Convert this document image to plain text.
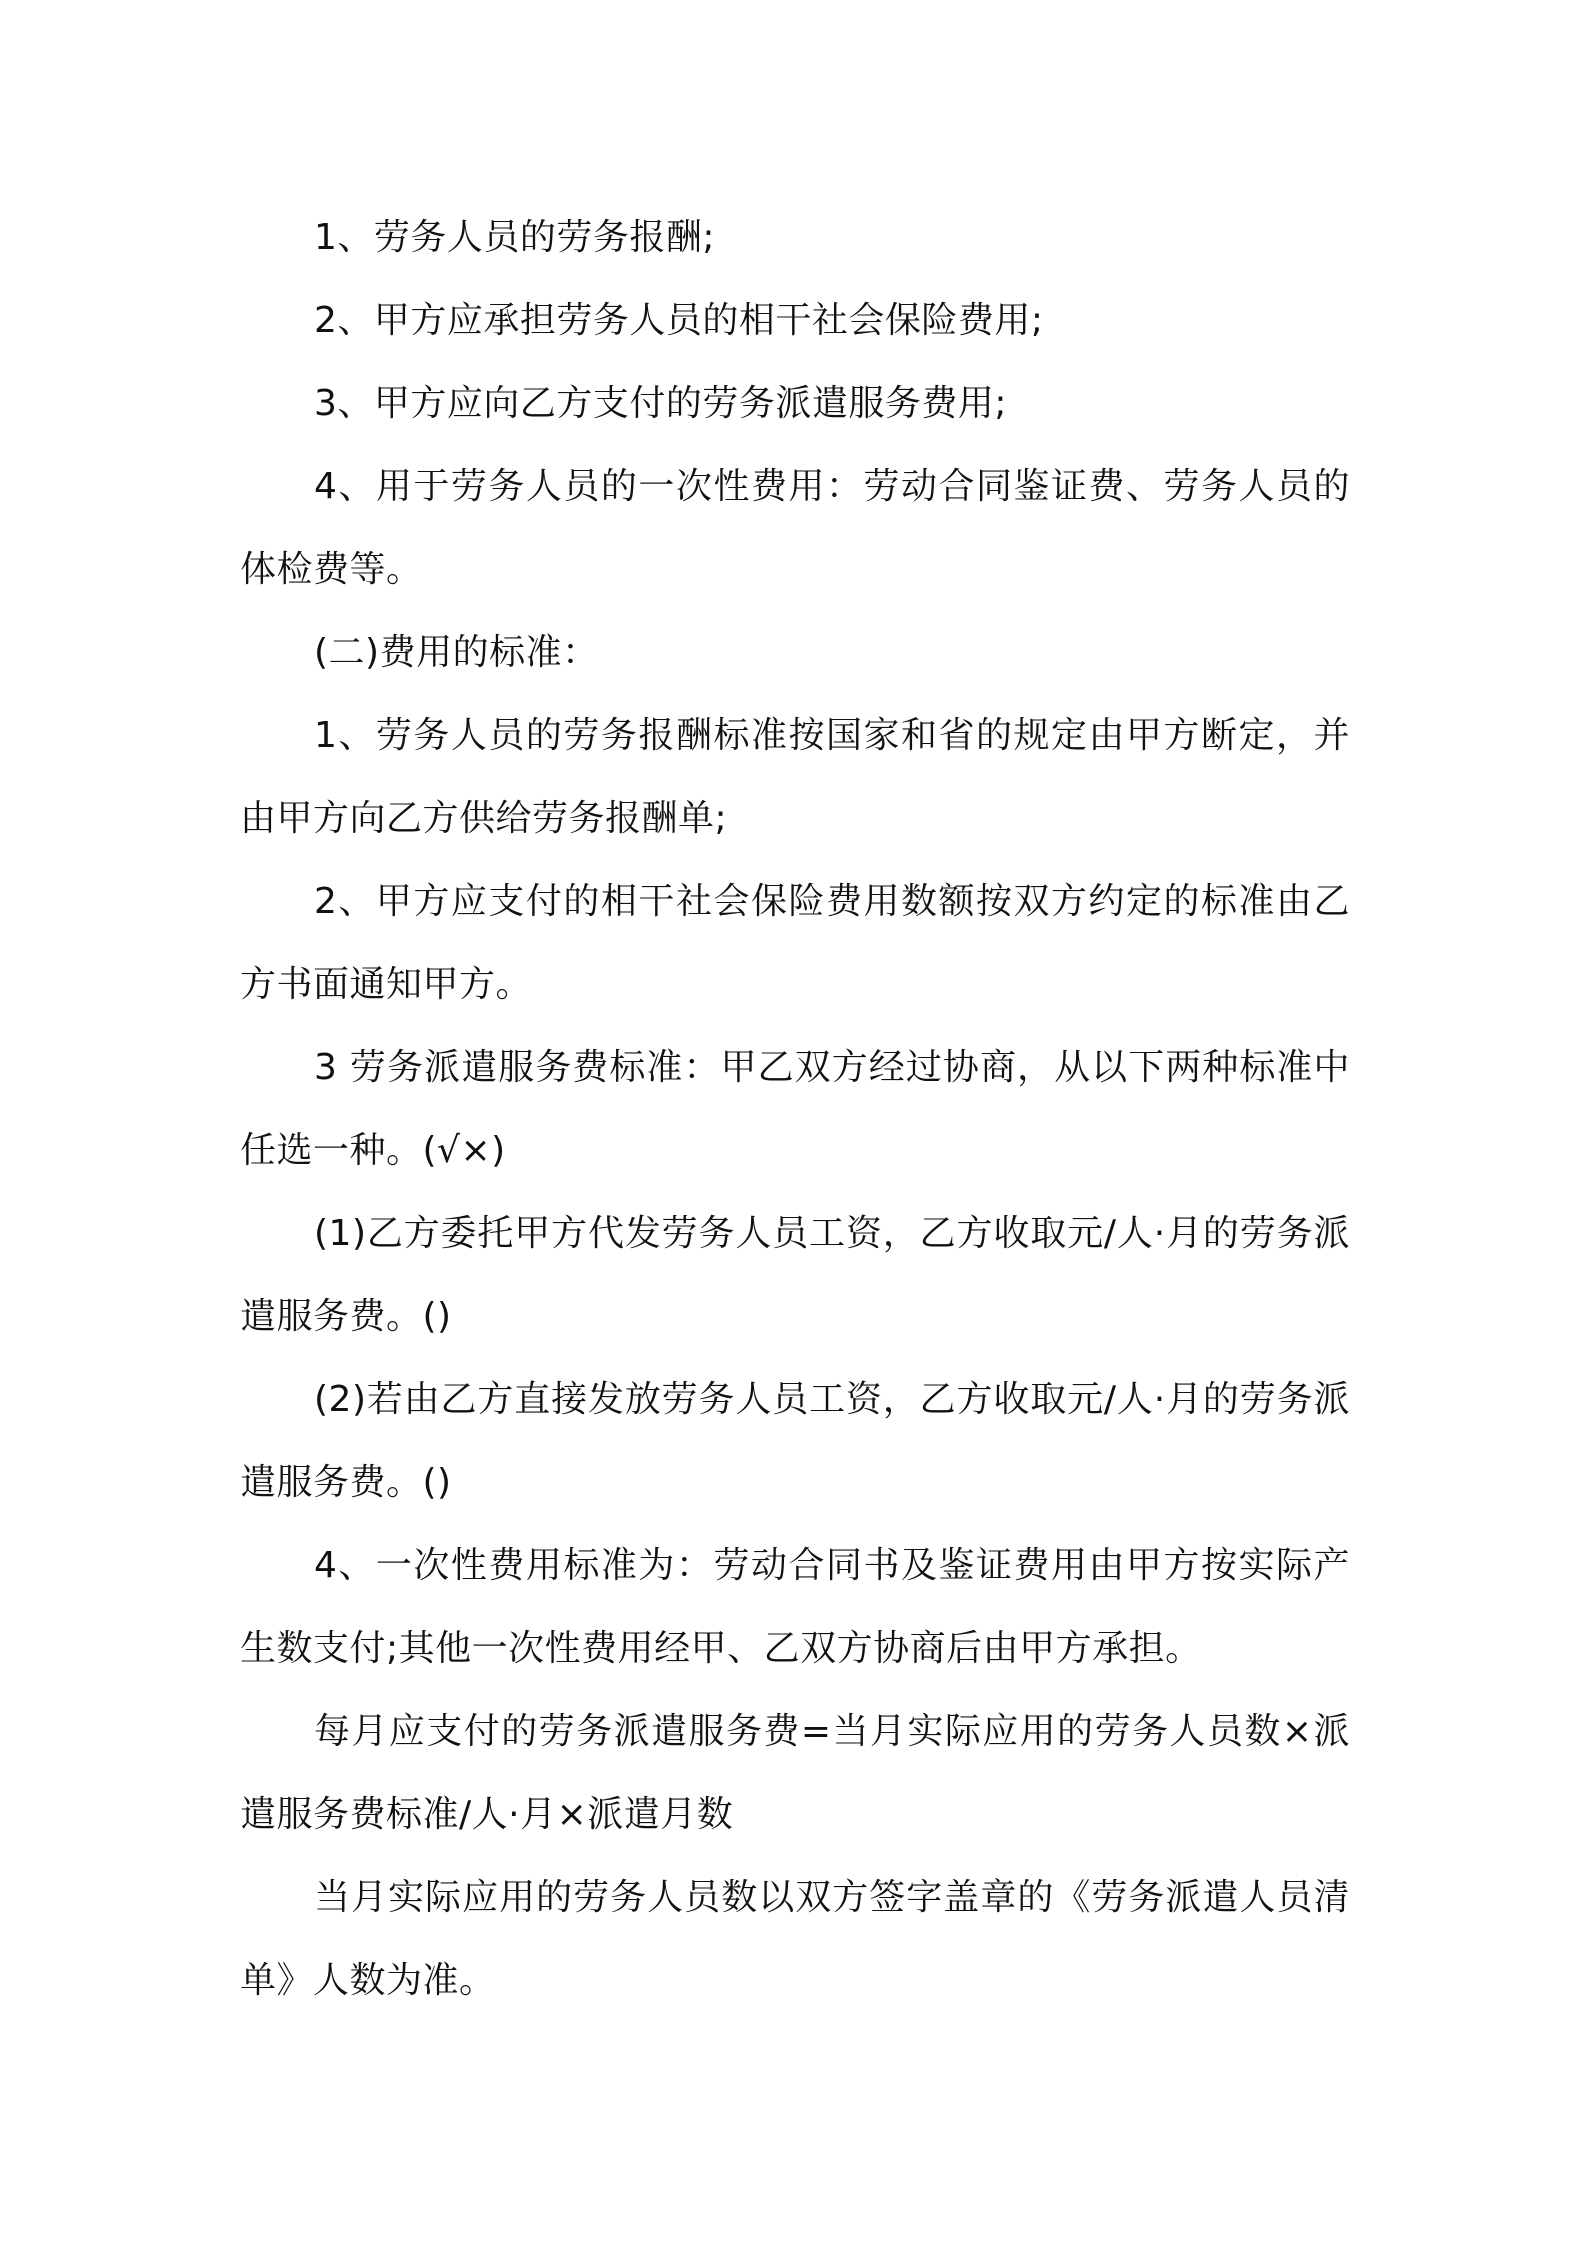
1、劳务人员的劳务报酬;

2、甲方应承担劳务人员的相干社会保险费用;

3、甲方应向乙方支付的劳务派遣服务费用;

4、用于劳务人员的一次性费用：劳动合同鉴证费、劳务人员的体检费等。

(二)费用的标准：

1、劳务人员的劳务报酬标准按国家和省的规定由甲方断定，并由甲方向乙方供给劳务报酬单;

2、甲方应支付的相干社会保险费用数额按双方约定的标准由乙方书面通知甲方。

3 劳务派遣服务费标准：甲乙双方经过协商，从以下两种标准中任选一种。(√×)

(1)乙方委托甲方代发劳务人员工资，乙方收取元/人·月的劳务派遣服务费。()

(2)若由乙方直接发放劳务人员工资，乙方收取元/人·月的劳务派遣服务费。()

4、一次性费用标准为：劳动合同书及鉴证费用由甲方按实际产生数支付;其他一次性费用经甲、乙双方协商后由甲方承担。

每月应支付的劳务派遣服务费=当月实际应用的劳务人员数×派遣服务费标准/人·月×派遣月数

当月实际应用的劳务人员数以双方签字盖章的《劳务派遣人员清单》人数为准。
